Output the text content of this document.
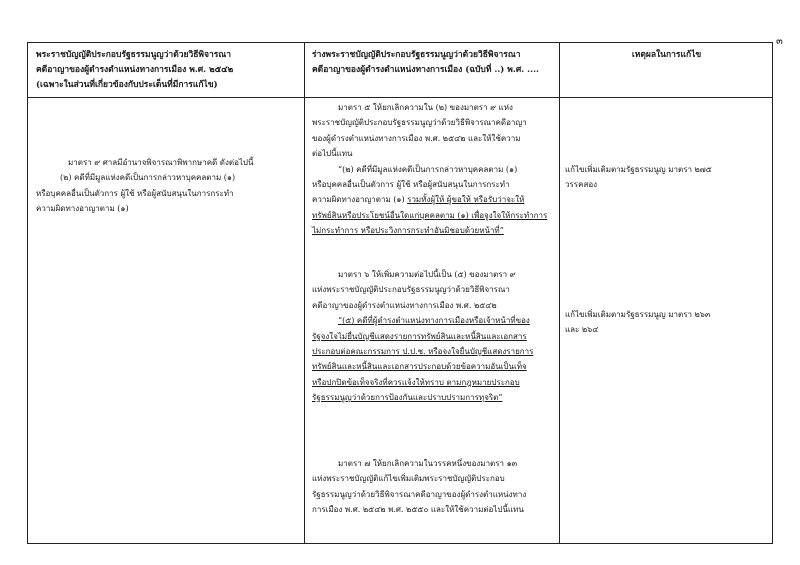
๓

พระราชบัญญัติประกอบรัฐธรรมนูญว่าด้วยวิธีพิจารณา

คดีอาญาของผู้ดำรงตำแหน่งทางการเมือง พ.ศ. ๒๕๔๒

(เฉพาะในส่วนที่เกี่ยวข้องกับประเด็นที่มีการแก้ไข)

ร่างพระราชบัญญัติประกอบรัฐธรรมนูญว่าด้วยวิธีพิจารณา

คดีอาญาของผู้ดำรงตำแหน่งทางการเมือง (ฉบับที่ ..) พ.ศ. ....

เหตุผลในการแก้ไข

มาตรา ๙ ศาลมีอำนาจพิจารณาพิพากษาคดี ดังต่อไปนี้

(๒) คดีที่มีมูลแห่งคดีเป็นการกล่าวหาบุคคลตาม (๑)

หรือบุคคลอื่นเป็นตัวการ ผู้ใช้ หรือผู้สนับสนุนในการกระทำ

ความผิดทางอาญาตาม (๑)

มาตรา ๕ ให้ยกเลิกความใน (๒) ของมาตรา ๙ แห่ง

พระราชบัญญัติประกอบรัฐธรรมนูญว่าด้วยวิธีพิจารณาคดีอาญา

ของผู้ดำรงตำแหน่งทางการเมือง พ.ศ. ๒๕๔๒ และให้ใช้ความ

ต่อไปนี้แทน

“(๒) คดีที่มีมูลแห่งคดีเป็นการกล่าวหาบุคคลตาม (๑)

หรือบุคคลอื่นเป็นตัวการ ผู้ใช้ หรือผู้สนับสนุนในการกระทำ

ความผิดทางอาญาตาม (๑) รวมทั้งผู้ให้ ผู้ขอให้ หรือรับว่าจะให้

ทรัพย์สินหรือประโยชน์อื่นใดแก่บุคคลตาม (๑) เพื่อจูงใจให้กระทำการ

ไม่กระทำการ หรือประวิงการกระทำอันมิชอบด้วยหน้าที่”

มาตรา ๖ ให้เพิ่มความต่อไปนี้เป็น (๕) ของมาตรา ๙

แห่งพระราชบัญญัติประกอบรัฐธรรมนูญว่าด้วยวิธีพิจารณา

คดีอาญาของผู้ดำรงตำแหน่งทางการเมือง พ.ศ. ๒๕๔๒

“(๕) คดีที่ผู้ดำรงตำแหน่งทางการเมืองหรือเจ้าหน้าที่ของ

รัฐจงใจไม่ยื่นบัญชีแสดงรายการทรัพย์สินและหนี้สินและเอกสาร

ประกอบต่อคณะกรรมการ ป.ป.ช. หรือจงใจยื่นบัญชีแสดงรายการ

ทรัพย์สินและหนี้สินและเอกสารประกอบด้วยข้อความอันเป็นเท็จ

หรือปกปิดข้อเท็จจริงที่ควรแจ้งให้ทราบ ตามกฎหมายประกอบ

รัฐธรรมนูญว่าด้วยการป้องกันและปราบปรามการทุจริต”

มาตรา ๗ ให้ยกเลิกความในวรรคหนึ่งของมาตรา ๑๓

แห่งพระราชบัญญัติแก้ไขเพิ่มเติมพระราชบัญญัติประกอบ

รัฐธรรมนูญว่าด้วยวิธีพิจารณาคดีอาญาของผู้ดำรงตำแหน่งทาง

การเมือง พ.ศ. ๒๕๔๒ พ.ศ. ๒๕๕๐ และให้ใช้ความต่อไปนี้แทน

แก้ไขเพิ่มเติมตามรัฐธรรมนูญ มาตรา ๒๗๕

วรรคสอง

แก้ไขเพิ่มเติมตามรัฐธรรมนูญ มาตรา ๒๖๓

และ ๒๖๔
